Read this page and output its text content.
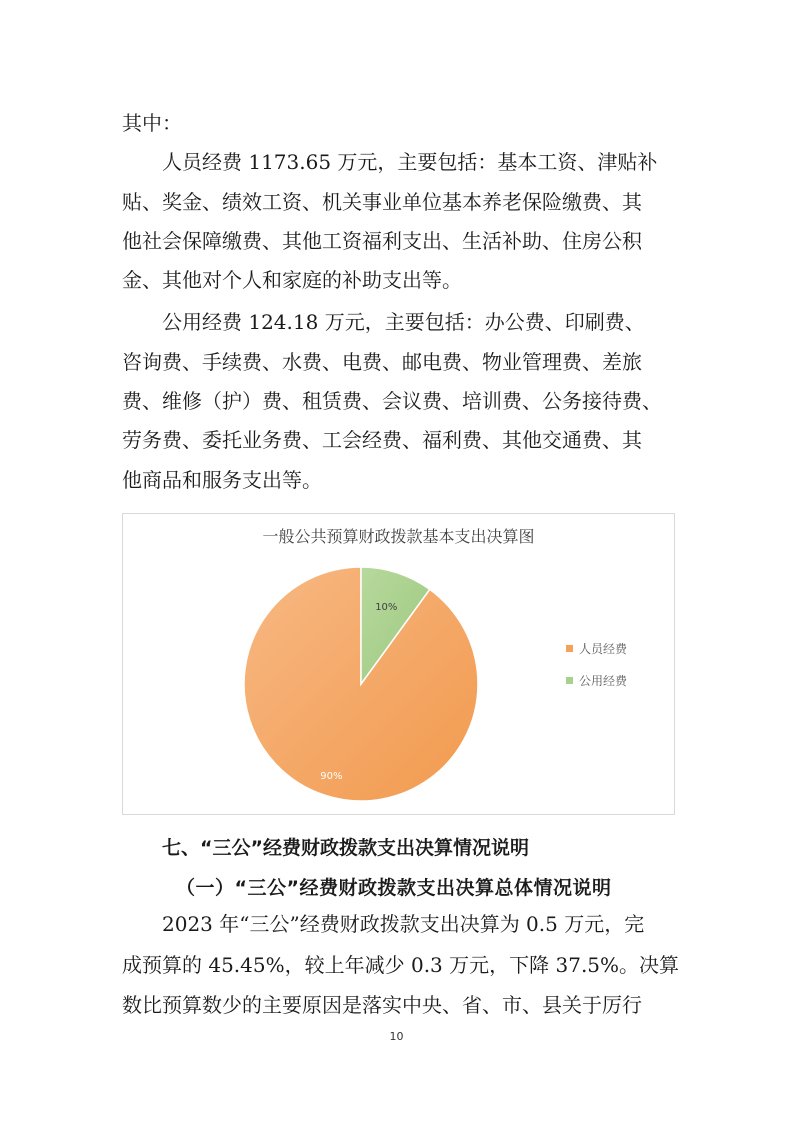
其中：
人员经费 1173.65 万元，主要包括：基本工资、津贴补
贴、奖金、绩效工资、机关事业单位基本养老保险缴费、其
他社会保障缴费、其他工资福利支出、生活补助、住房公积
金、其他对个人和家庭的补助支出等。
公用经费 124.18 万元，主要包括：办公费、印刷费、
咨询费、手续费、水费、电费、邮电费、物业管理费、差旅
费、维修（护）费、租赁费、会议费、培训费、公务接待费、
劳务费、委托业务费、工会经费、福利费、其他交通费、其
他商品和服务支出等。
一般公共预算财政拨款基本支出决算图
90%
10%
人员经费
公用经费
七、“三公”经费财政拨款支出决算情况说明
（一）“三公”经费财政拨款支出决算总体情况说明
2023 年“三公”经费财政拨款支出决算为 0.5 万元，完
成预算的 45.45%，较上年减少 0.3 万元，下降 37.5%。决算
数比预算数少的主要原因是落实中央、省、市、县关于厉行
10
